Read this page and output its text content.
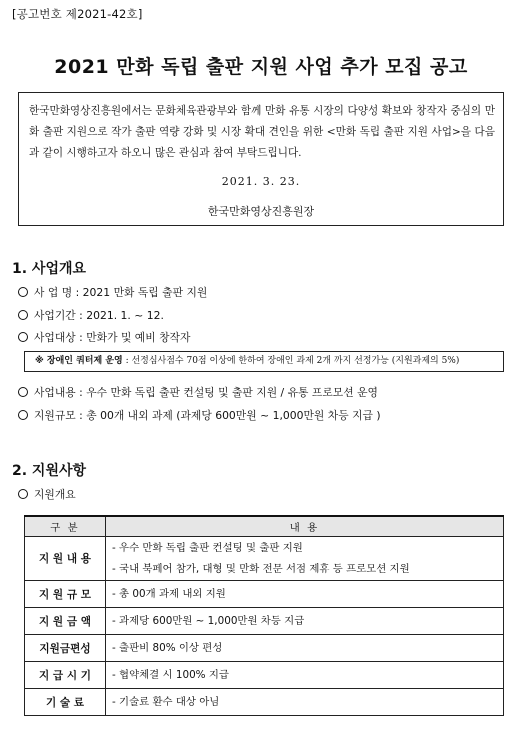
[공고번호 제2021-42호]
2021 만화 독립 출판 지원 사업 추가 모집 공고
한국만화영상진흥원에서는 문화체육관광부와 함께 만화 유통 시장의 다양성 확보와 창작자 중심의 만화 출판 지원으로 작가 출판 역량 강화 및 시장 확대 견인을 위한 <만화 독립 출판 지원 사업>을 다음과 같이 시행하고자 하오니 많은 관심과 참여 부탁드립니다.
2021. 3. 23.
한국만화영상진흥원장
1. 사업개요
사 업 명 : 2021 만화 독립 출판 지원
사업기간 : 2021. 1. ~ 12.
사업대상 : 만화가 및 예비 창작자
※ 장애인 쿼터제 운영 : 선정심사점수 70점 이상에 한하여 장애인 과제 2개 까지 선정가능 (지원과제의 5%)
사업내용 : 우수 만화 독립 출판 컨설팅 및 출판 지원 / 유통 프로모션 운영
지원규모 : 총 00개 내외 과제 (과제당 600만원 ~ 1,000만원 차등 지급 )
2. 지원사항
지원개요
구 분	내 용
지 원 내 용	- 우수 만화 독립 출판 컨설팅 및 출판 지원
- 국내 북페어 참가, 대형 및 만화 전문 서점 제휴 등 프로모션 지원

지 원 규 모	- 총 00개 과제 내외 지원

지 원 금 액	- 과제당 600만원 ~ 1,000만원 차등 지급

지원금편성	- 출판비 80% 이상 편성

지 급 시 기	- 협약체결 시 100% 지급

기 술 료	- 기술료 환수 대상 아님
